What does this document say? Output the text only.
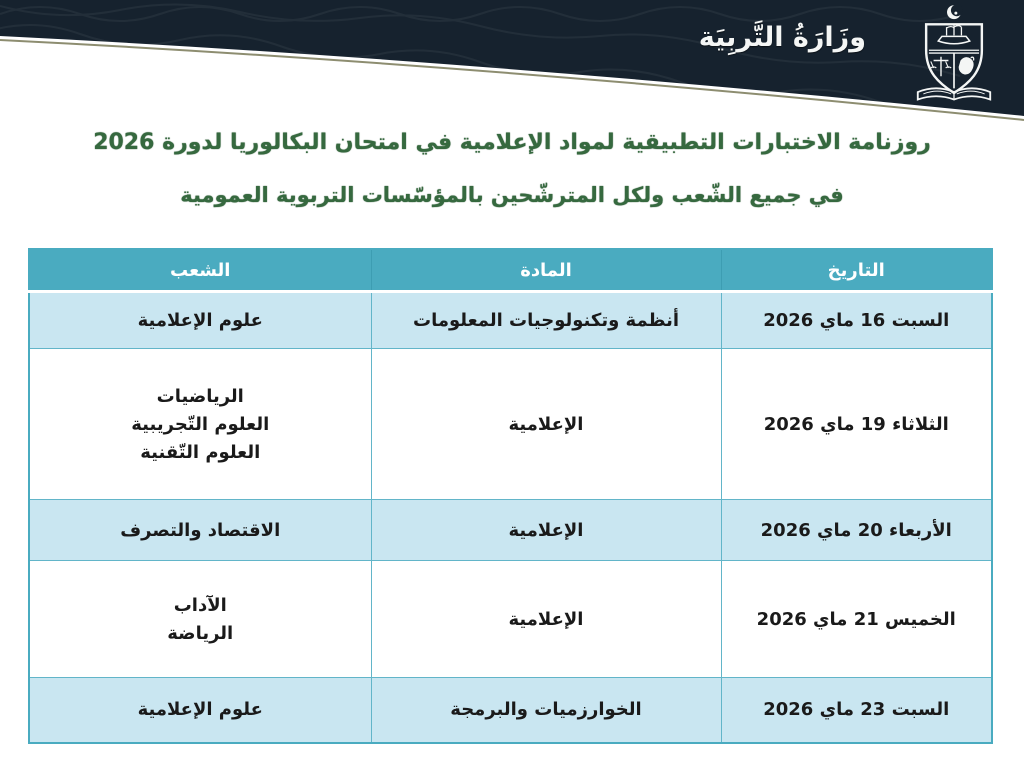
وزَارَةُ التَّربِيَة

روزنامة الاختبارات التطبيقية لمواد الإعلامية في امتحان البكالوريا لدورة 2026

في جميع الشّعب ولكل المترشّحين بالمؤسّسات التربوية العمومية

التاريخ	المادة	الشعب
السبت 16 ماي 2026	أنظمة وتكنولوجيات المعلومات	علوم الإعلامية

الثلاثاء 19 ماي 2026	الإعلامية	الرياضيات
العلوم التّجريبية
العلوم التّقنية

الأربعاء 20 ماي 2026	الإعلامية	الاقتصاد والتصرف

الخميس 21 ماي 2026	الإعلامية	الآداب
الرياضة

السبت 23 ماي 2026	الخوارزميات والبرمجة	علوم الإعلامية
